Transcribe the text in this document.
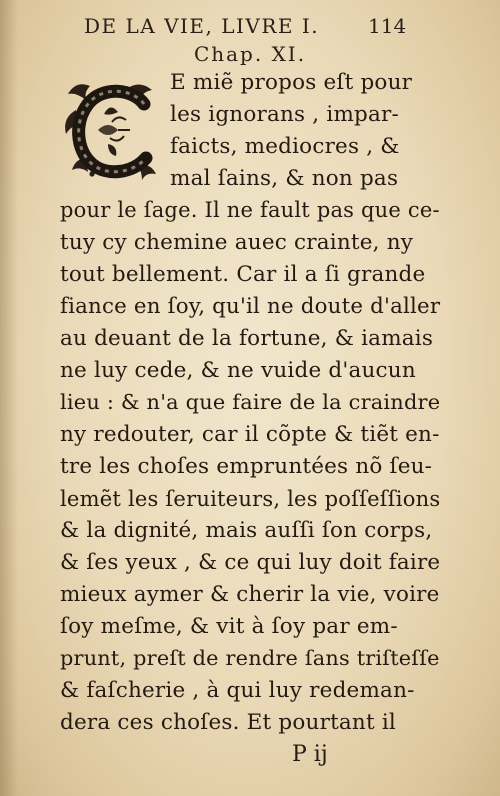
DE LA VIE, LIVRE I. 114
Chap. XI.
E miẽ propos eſt pour
les ignorans , impar-
faicts, mediocres , &
mal ſains, & non pas
pour le ſage. Il ne fault pas que ce-
tuy cy chemine auec crainte, ny
tout bellement. Car il a ſi grande
fiance en ſoy, qu'il ne doute d'aller
au deuant de la fortune, & iamais
ne luy cede, & ne vuide d'aucun
lieu : & n'a que faire de la craindre
ny redouter, car il cõpte & tiẽt en-
tre les choſes empruntées nõ ſeu-
lemẽt les ſeruiteurs, les poſſeſſions
& la dignité, mais auſſi ſon corps,
& ſes yeux , & ce qui luy doit faire
mieux aymer & cherir la vie, voire
ſoy meſme, & vit à ſoy par em-
prunt, preſt de rendre ſans triſteſſe
& faſcherie , à qui luy redeman-
dera ces choſes. Et pourtant il
P ij
